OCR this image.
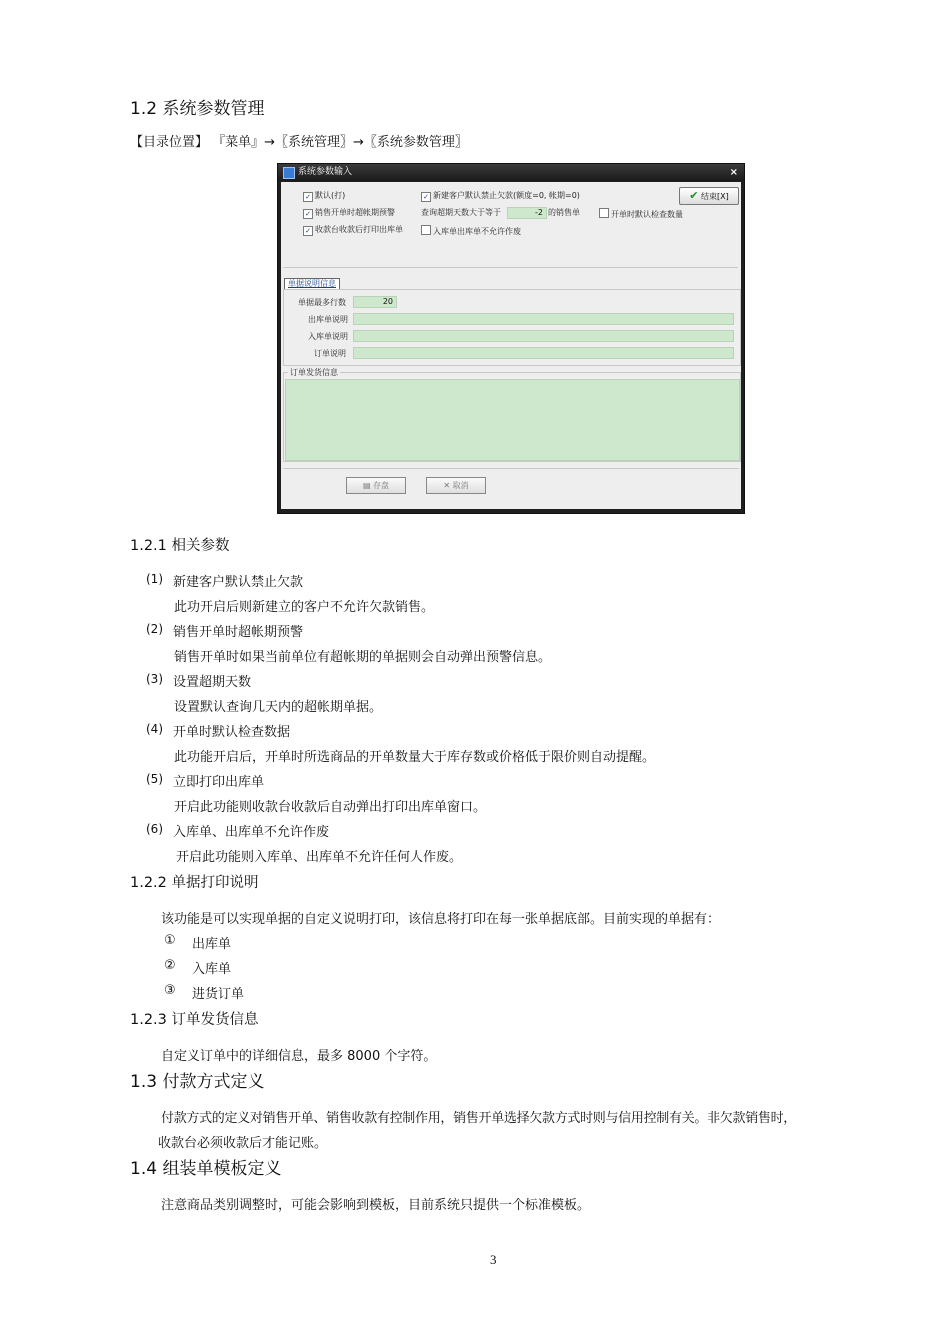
1.2 系统参数管理
【目录位置】 『菜单』→〖系统管理〗→〖系统参数管理〗
系统参数输入	×
✓ 默认(打)	✓ 新建客户默认禁止欠款(额度=0, 帐期=0)	✔ 结束[X]
✓ 销售开单时超帐期预警	查询超期天数大于等于	-2 的销售单	开单时默认检查数量
✓ 收款台收款后打印出库单	入库单出库单不允许作废
单据说明信息
单据最多行数	20
出库单说明
入库单说明
订单说明
订单发货信息
▤ 存盘	✕ 取消
1.2.1 相关参数
(1) 新建客户默认禁止欠款
此功开启后则新建立的客户不允许欠款销售。
(2) 销售开单时超帐期预警
销售开单时如果当前单位有超帐期的单据则会自动弹出预警信息。
(3) 设置超期天数
设置默认查询几天内的超帐期单据。
(4) 开单时默认检查数据
此功能开启后，开单时所选商品的开单数量大于库存数或价格低于限价则自动提醒。
(5) 立即打印出库单
开启此功能则收款台收款后自动弹出打印出库单窗口。
(6) 入库单、出库单不允许作废
开启此功能则入库单、出库单不允许任何人作废。
1.2.2 单据打印说明
该功能是可以实现单据的自定义说明打印，该信息将打印在每一张单据底部。目前实现的单据有：
① 出库单
② 入库单
③ 进货订单
1.2.3 订单发货信息
自定义订单中的详细信息，最多 8000 个字符。
1.3 付款方式定义
付款方式的定义对销售开单、销售收款有控制作用，销售开单选择欠款方式时则与信用控制有关。非欠款销售时，
收款台必须收款后才能记账。
1.4 组装单模板定义
注意商品类别调整时，可能会影响到模板，目前系统只提供一个标准模板。
3
